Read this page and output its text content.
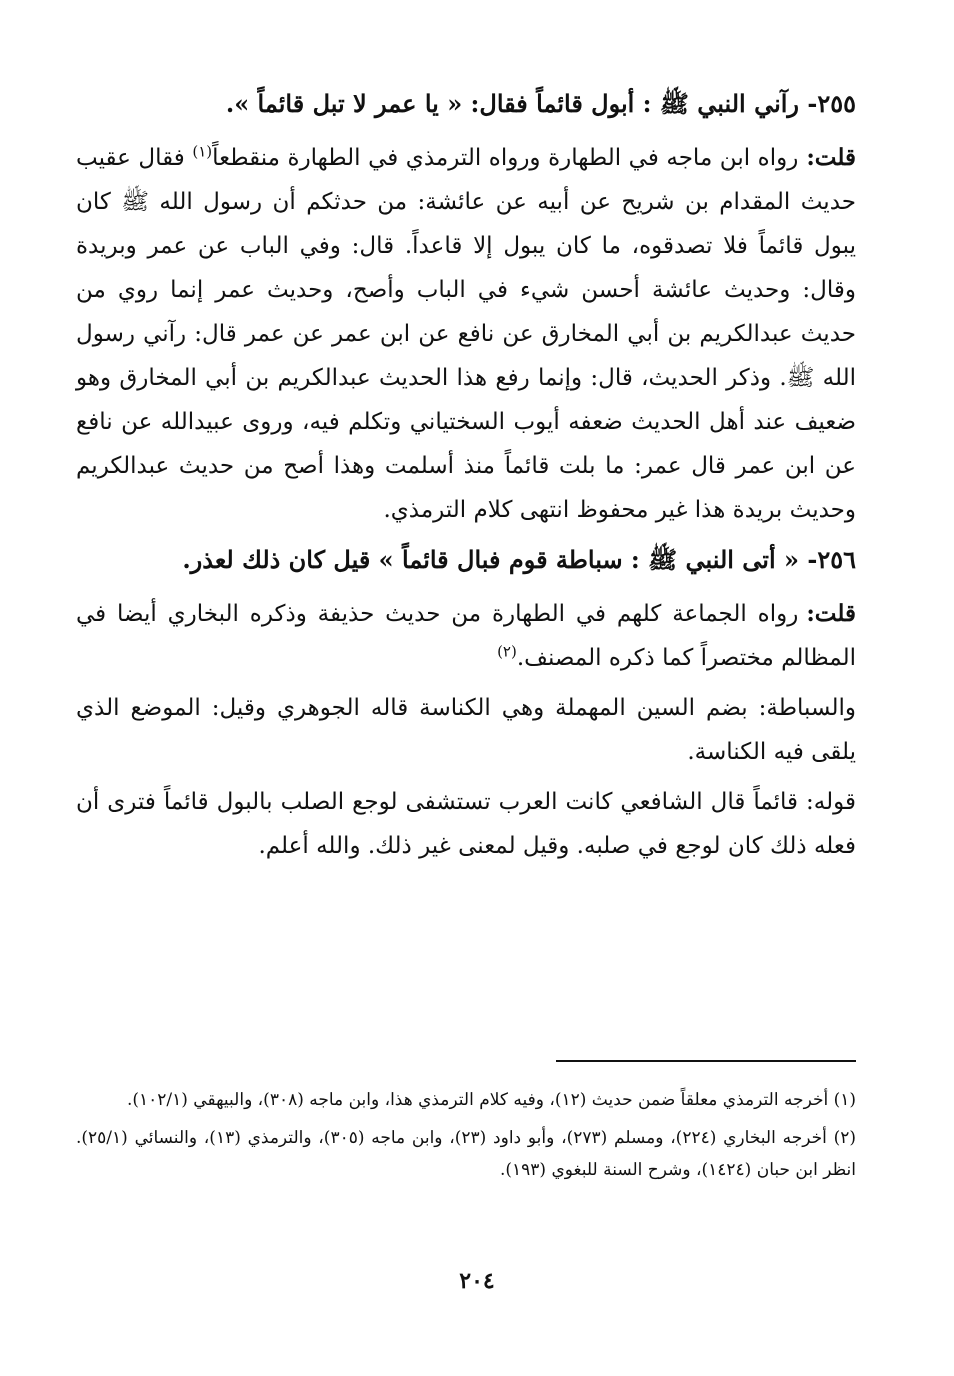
٢٥٥- رآني النبي ﷺ : أبول قائماً فقال: « يا عمر لا تبل قائماً ».

قلت:رواه ابن ماجه في الطهارة ورواه الترمذي في الطهارة منقطعاً$^{(١)}$ فقال عقيب حديث المقدام بن شريح عن أبيه عن عائشة: من حدثكم أن رسول الله ﷺ كان يبول قائماً فلا تصدقوه، ما كان يبول إلا قاعداً. قال: وفي الباب عن عمر وبريدة وقال: وحديث عائشة أحسن شيء في الباب وأصح، وحديث عمر إنما روي من حديث عبدالكريم بن أبي المخارق عن نافع عن ابن عمر عن عمر قال: رآني رسول الله ﷺ. وذكر الحديث، قال: وإنما رفع هذا الحديث عبدالكريم بن أبي المخارق وهو ضعيف عند أهل الحديث ضعفه أيوب السختياني وتكلم فيه، وروى عبيدالله عن نافع عن ابن عمر قال عمر: ما بلت قائماً منذ أسلمت وهذا أصح من حديث عبدالكريم وحديث بريدة هذا غير محفوظ انتهى كلام الترمذي.

٢٥٦- « أتى النبي ﷺ : سباطة قوم فبال قائماً » قيل كان ذلك لعذر.

قلت:رواه الجماعة كلهم في الطهارة من حديث حذيفة وذكره البخاري أيضا في المظالم مختصراً كما ذكره المصنف.$^{(٢)}$

والسباطة: بضم السين المهملة وهي الكناسة قاله الجوهري وقيل: الموضع الذي يلقى فيه الكناسة.

قوله: قائماً قال الشافعي كانت العرب تستشفى لوجع الصلب بالبول قائماً فترى أن فعله ذلك كان لوجع في صلبه. وقيل لمعنى غير ذلك. والله أعلم.

(١) أخرجه الترمذي معلقاً ضمن حديث (١٢)، وفيه كلام الترمذي هذا، وابن ماجه (٣٠٨)، والبيهقي (١٠٢/١).

(٢) أخرجه البخاري (٢٢٤)، ومسلم (٢٧٣)، وأبو داود (٢٣)، وابن ماجه (٣٠٥)، والترمذي (١٣)، والنسائي (٢٥/١). انظر ابن حبان (١٤٢٤)، وشرح السنة للبغوي (١٩٣).

٢٠٤
